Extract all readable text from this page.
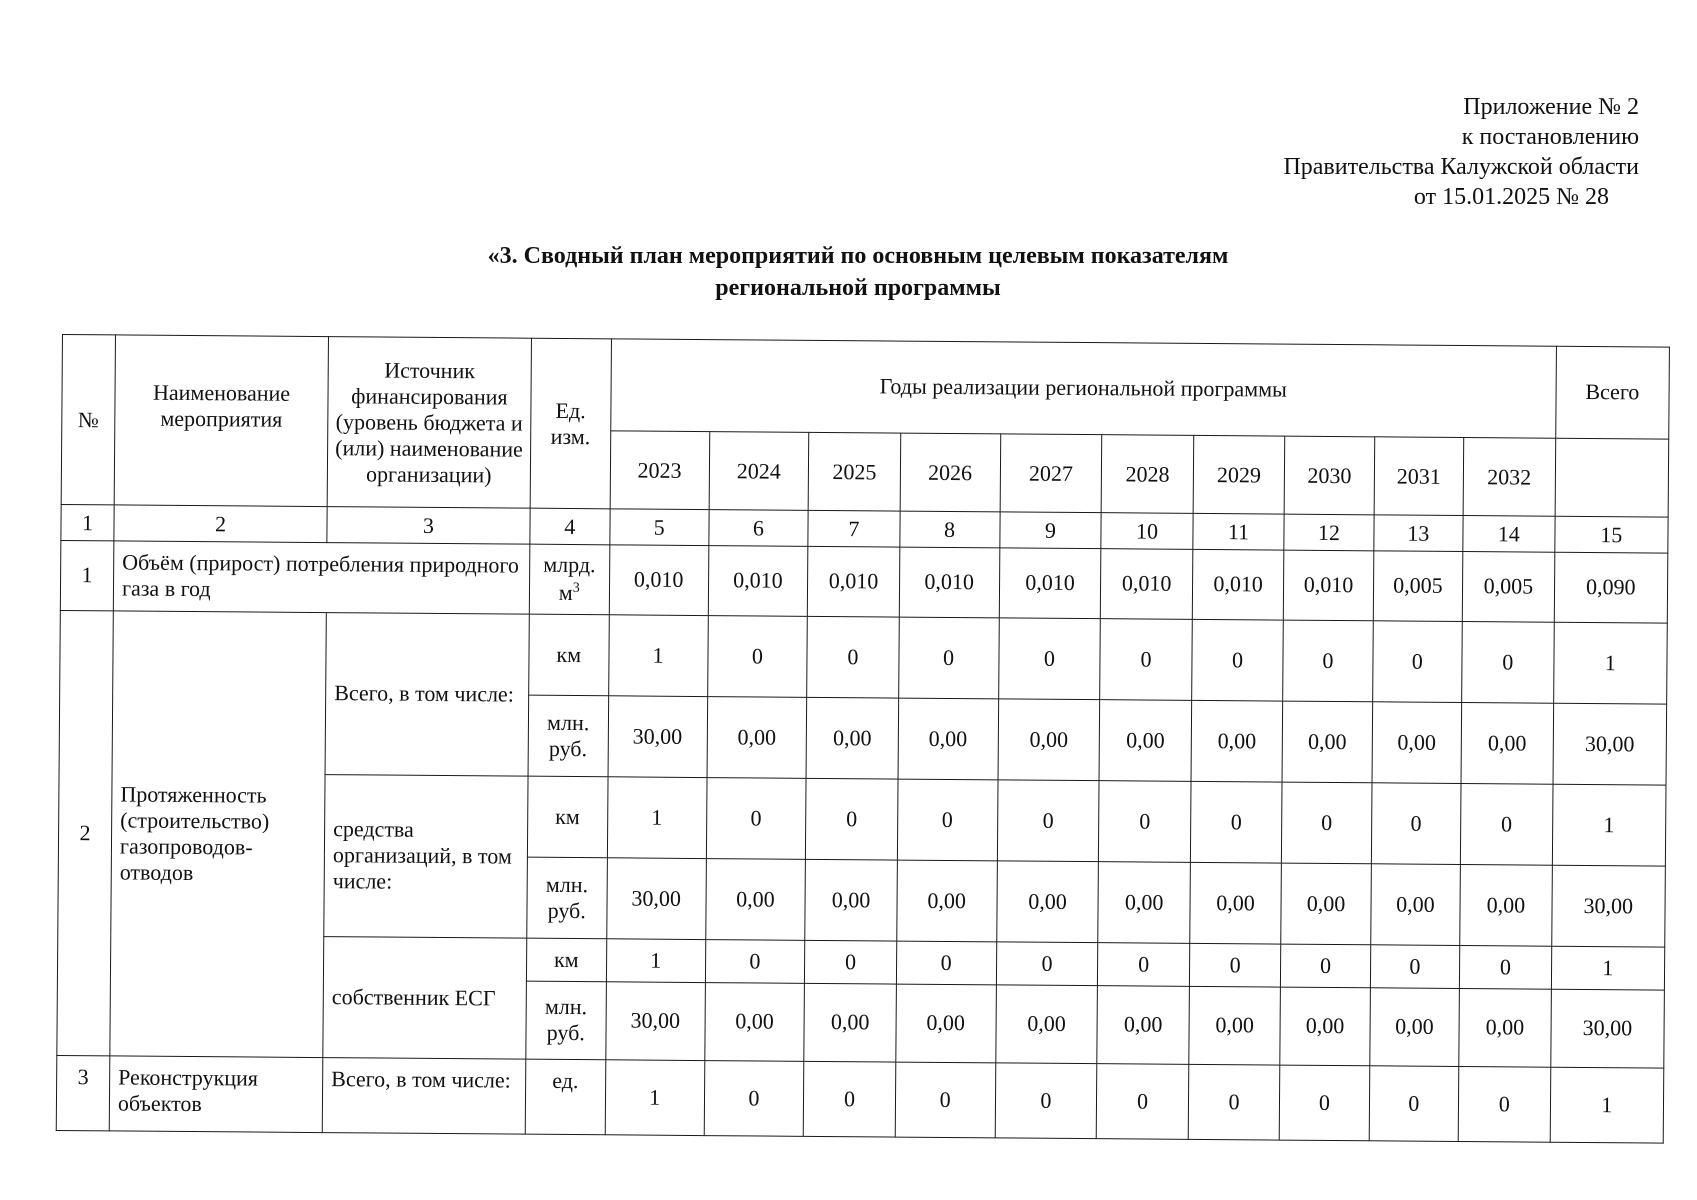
Приложение № 2
к постановлению
Правительства Калужской области
от 15.01.2025 № 28
«3. Сводный план мероприятий по основным целевым показателям
региональной программы
№	Наименование мероприятия	Источник финансирования (уровень бюджета и (или) наименование организации)	Ед. изм.	Годы реализации региональной программы										Всего
				2023	2024	2025	2026	2027	2028	2029	2030	2031	2032	
1	2	3	4	5	6	7	8	9	10	11	12	13	14	15
1	Объём (прирост) потребления природного газа в год		млрд. $м^3$	0,010	0,010	0,010	0,010	0,010	0,010	0,010	0,010	0,005	0,005	0,090
2	Протяженность (строительство) газопроводов-отводов	Всего, в том числе:	км	1	0	0	0	0	0	0	0	0	0	1
			млн. руб.	30,00	0,00	0,00	0,00	0,00	0,00	0,00	0,00	0,00	0,00	30,00
		средства организаций, в том числе:	км	1	0	0	0	0	0	0	0	0	0	1
			млн. руб.	30,00	0,00	0,00	0,00	0,00	0,00	0,00	0,00	0,00	0,00	30,00
		собственник ЕСГ	км	1	0	0	0	0	0	0	0	0	0	1
			млн. руб.	30,00	0,00	0,00	0,00	0,00	0,00	0,00	0,00	0,00	0,00	30,00
3	Реконструкция объектов	Всего, в том числе:	ед.	1	0	0	0	0	0	0	0	0	0	1
